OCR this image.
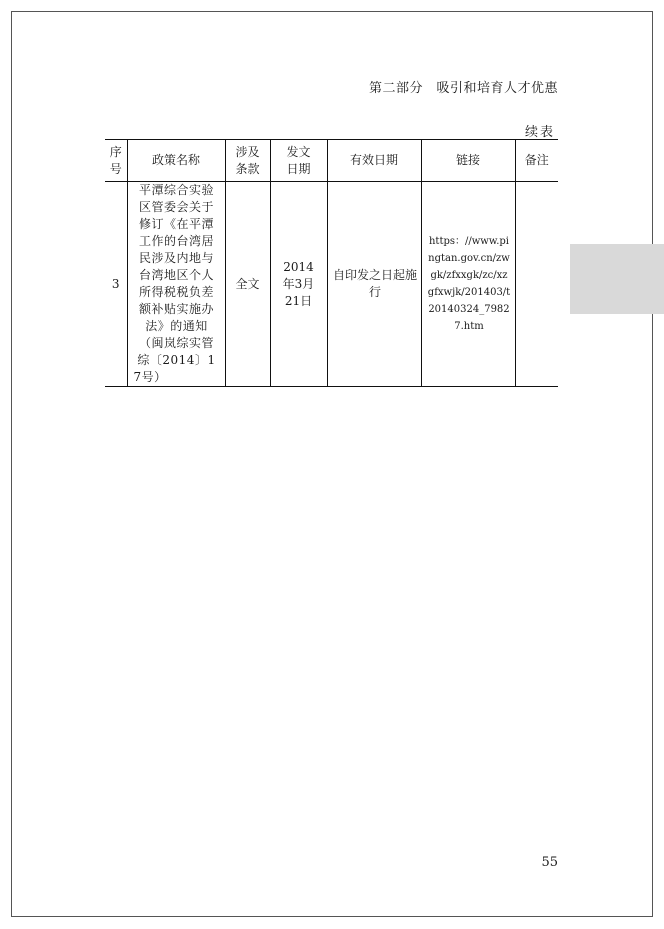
第二部分　吸引和培育人才优惠
续表
序号	政策名称	涉及条款	发文日期	有效日期	链接	备注
3	平潭综合实验区管委会关于修订《在平潭工作的台湾居民涉及内地与台湾地区个人所得税税负差额补贴实施办法》的通知（闽岚综实管综〔2014〕17号）	全文	2014 年3月21日	自印发之日起施行	https：//www.pingtan.gov.cn/zwgk/zfxxgk/zc/xzgfxwjk/201403/t20140324_79827.htm	
55
